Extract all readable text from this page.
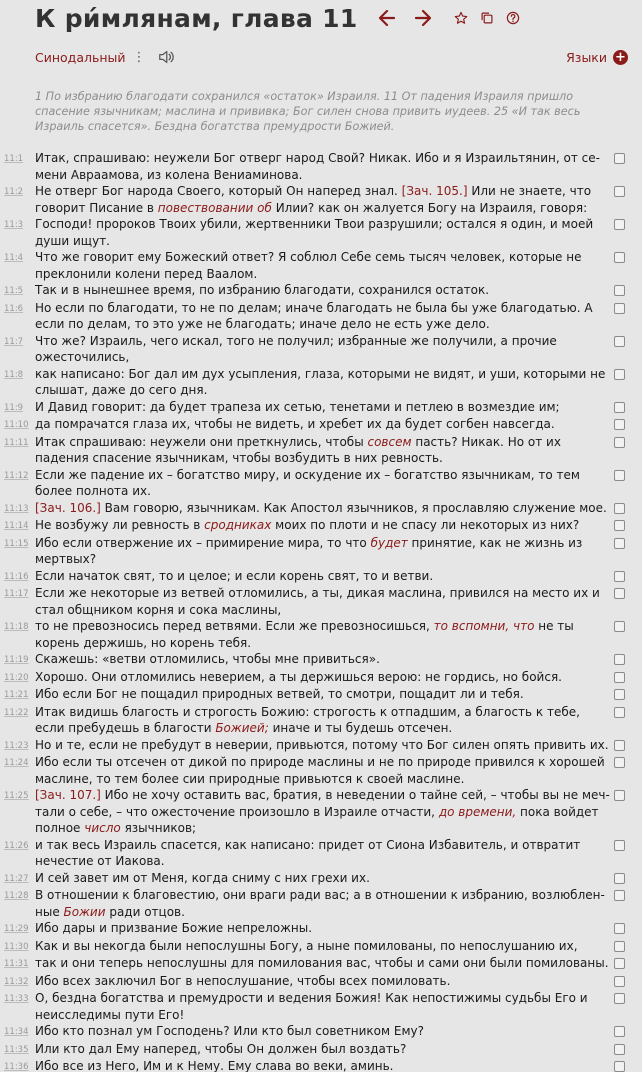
К ри́млянам, глава 11
Синодальный ⋮	Языки +

1 По избранию благодати сохранился «остаток» Израиля. 11 От падения Израиля пришло спасение язычникам; маслина и прививка; Бог силен снова привить иудеев. 25 «И так весь Израиль спасется». Бездна богатства премудрости Божией.

11:1 Итак, спрашиваю: неужели Бог отверг народ Свой? Никак. Ибо и я Израильтянин, от семени Авраамова, из колена Вениаминова.
11:2 Не отверг Бог народа Своего, который Он наперед знал. [Зач. 105.] Или не знаете, что говорит Писание в повествовании об Илии? как он жалуется Богу на Израиля, говоря:
11:3 Господи! пророков Твоих убили, жертвенники Твои разрушили; остался я один, и моей души ищут.
11:4 Что же говорит ему Божеский ответ? Я соблюл Себе семь тысяч человек, которые не преклонили колени перед Ваалом.
11:5 Так и в нынешнее время, по избранию благодати, сохранился остаток.
11:6 Но если по благодати, то не по делам; иначе благодать не была бы уже благодатью. А если по делам, то это уже не благодать; иначе дело не есть уже дело.
11:7 Что же? Израиль, чего искал, того не получил; избранные же получили, а прочие ожесточились,
11:8 как написано: Бог дал им дух усыпления, глаза, которыми не видят, и уши, которыми не слышат, даже до сего дня.
11:9 И Давид говорит: да будет трапеза их сетью, тенетами и петлею в возмездие им;
11:10 да помрачатся глаза их, чтобы не видеть, и хребет их да будет согбен навсегда.
11:11 Итак спрашиваю: неужели они преткнулись, чтобы совсем пасть? Никак. Но от их падения спасение язычникам, чтобы возбудить в них ревность.
11:12 Если же падение их – богатство миру, и оскудение их – богатство язычникам, то тем более полнота их.
11:13 [Зач. 106.] Вам говорю, язычникам. Как Апостол язычников, я прославляю служение мое.
11:14 Не возбужу ли ревность в сродниках моих по плоти и не спасу ли некоторых из них?
11:15 Ибо если отвержение их – примирение мира, то что будет принятие, как не жизнь из мертвых?
11:16 Если начаток свят, то и целое; и если корень свят, то и ветви.
11:17 Если же некоторые из ветвей отломились, а ты, дикая маслина, привился на место их и стал общником корня и сока маслины,
11:18 то не превозносись перед ветвями. Если же превозносишься, то вспомни, что не ты корень держишь, но корень тебя.
11:19 Скажешь: «ветви отломились, чтобы мне привиться».
11:20 Хорошо. Они отломились неверием, а ты держишься верою: не гордись, но бойся.
11:21 Ибо если Бог не пощадил природных ветвей, то смотри, пощадит ли и тебя.
11:22 Итак видишь благость и строгость Божию: строгость к отпадшим, а благость к тебе, если пребудешь в благости Божией; иначе и ты будешь отсечен.
11:23 Но и те, если не пребудут в неверии, привьются, потому что Бог силен опять привить их.
11:24 Ибо если ты отсечен от дикой по природе маслины и не по природе привился к хорошей маслине, то тем более сии природные привьются к своей маслине.
11:25 [Зач. 107.] Ибо не хочу оставить вас, братия, в неведении о тайне сей, – чтобы вы не мечтали о себе, – что ожесточение произошло в Израиле отчасти, до времени, пока войдет полное число язычников;
11:26 и так весь Израиль спасется, как написано: придет от Сиона Избавитель, и отвратит нечестие от Иакова.
11:27 И сей завет им от Меня, когда сниму с них грехи их.
11:28 В отношении к благовестию, они враги ради вас; а в отношении к избранию, возлюбленные Божии ради отцов.
11:29 Ибо дары и призвание Божие непреложны.
11:30 Как и вы некогда были непослушны Богу, а ныне помилованы, по непослушанию их,
11:31 так и они теперь непослушны для помилования вас, чтобы и сами они были помилованы.
11:32 Ибо всех заключил Бог в непослушание, чтобы всех помиловать.
11:33 О, бездна богатства и премудрости и ведения Божия! Как непостижимы судьбы Его и неисследимы пути Его!
11:34 Ибо кто познал ум Господень? Или кто был советником Ему?
11:35 Или кто дал Ему наперед, чтобы Он должен был воздать?
11:36 Ибо все из Него, Им и к Нему. Ему слава во веки, аминь.
